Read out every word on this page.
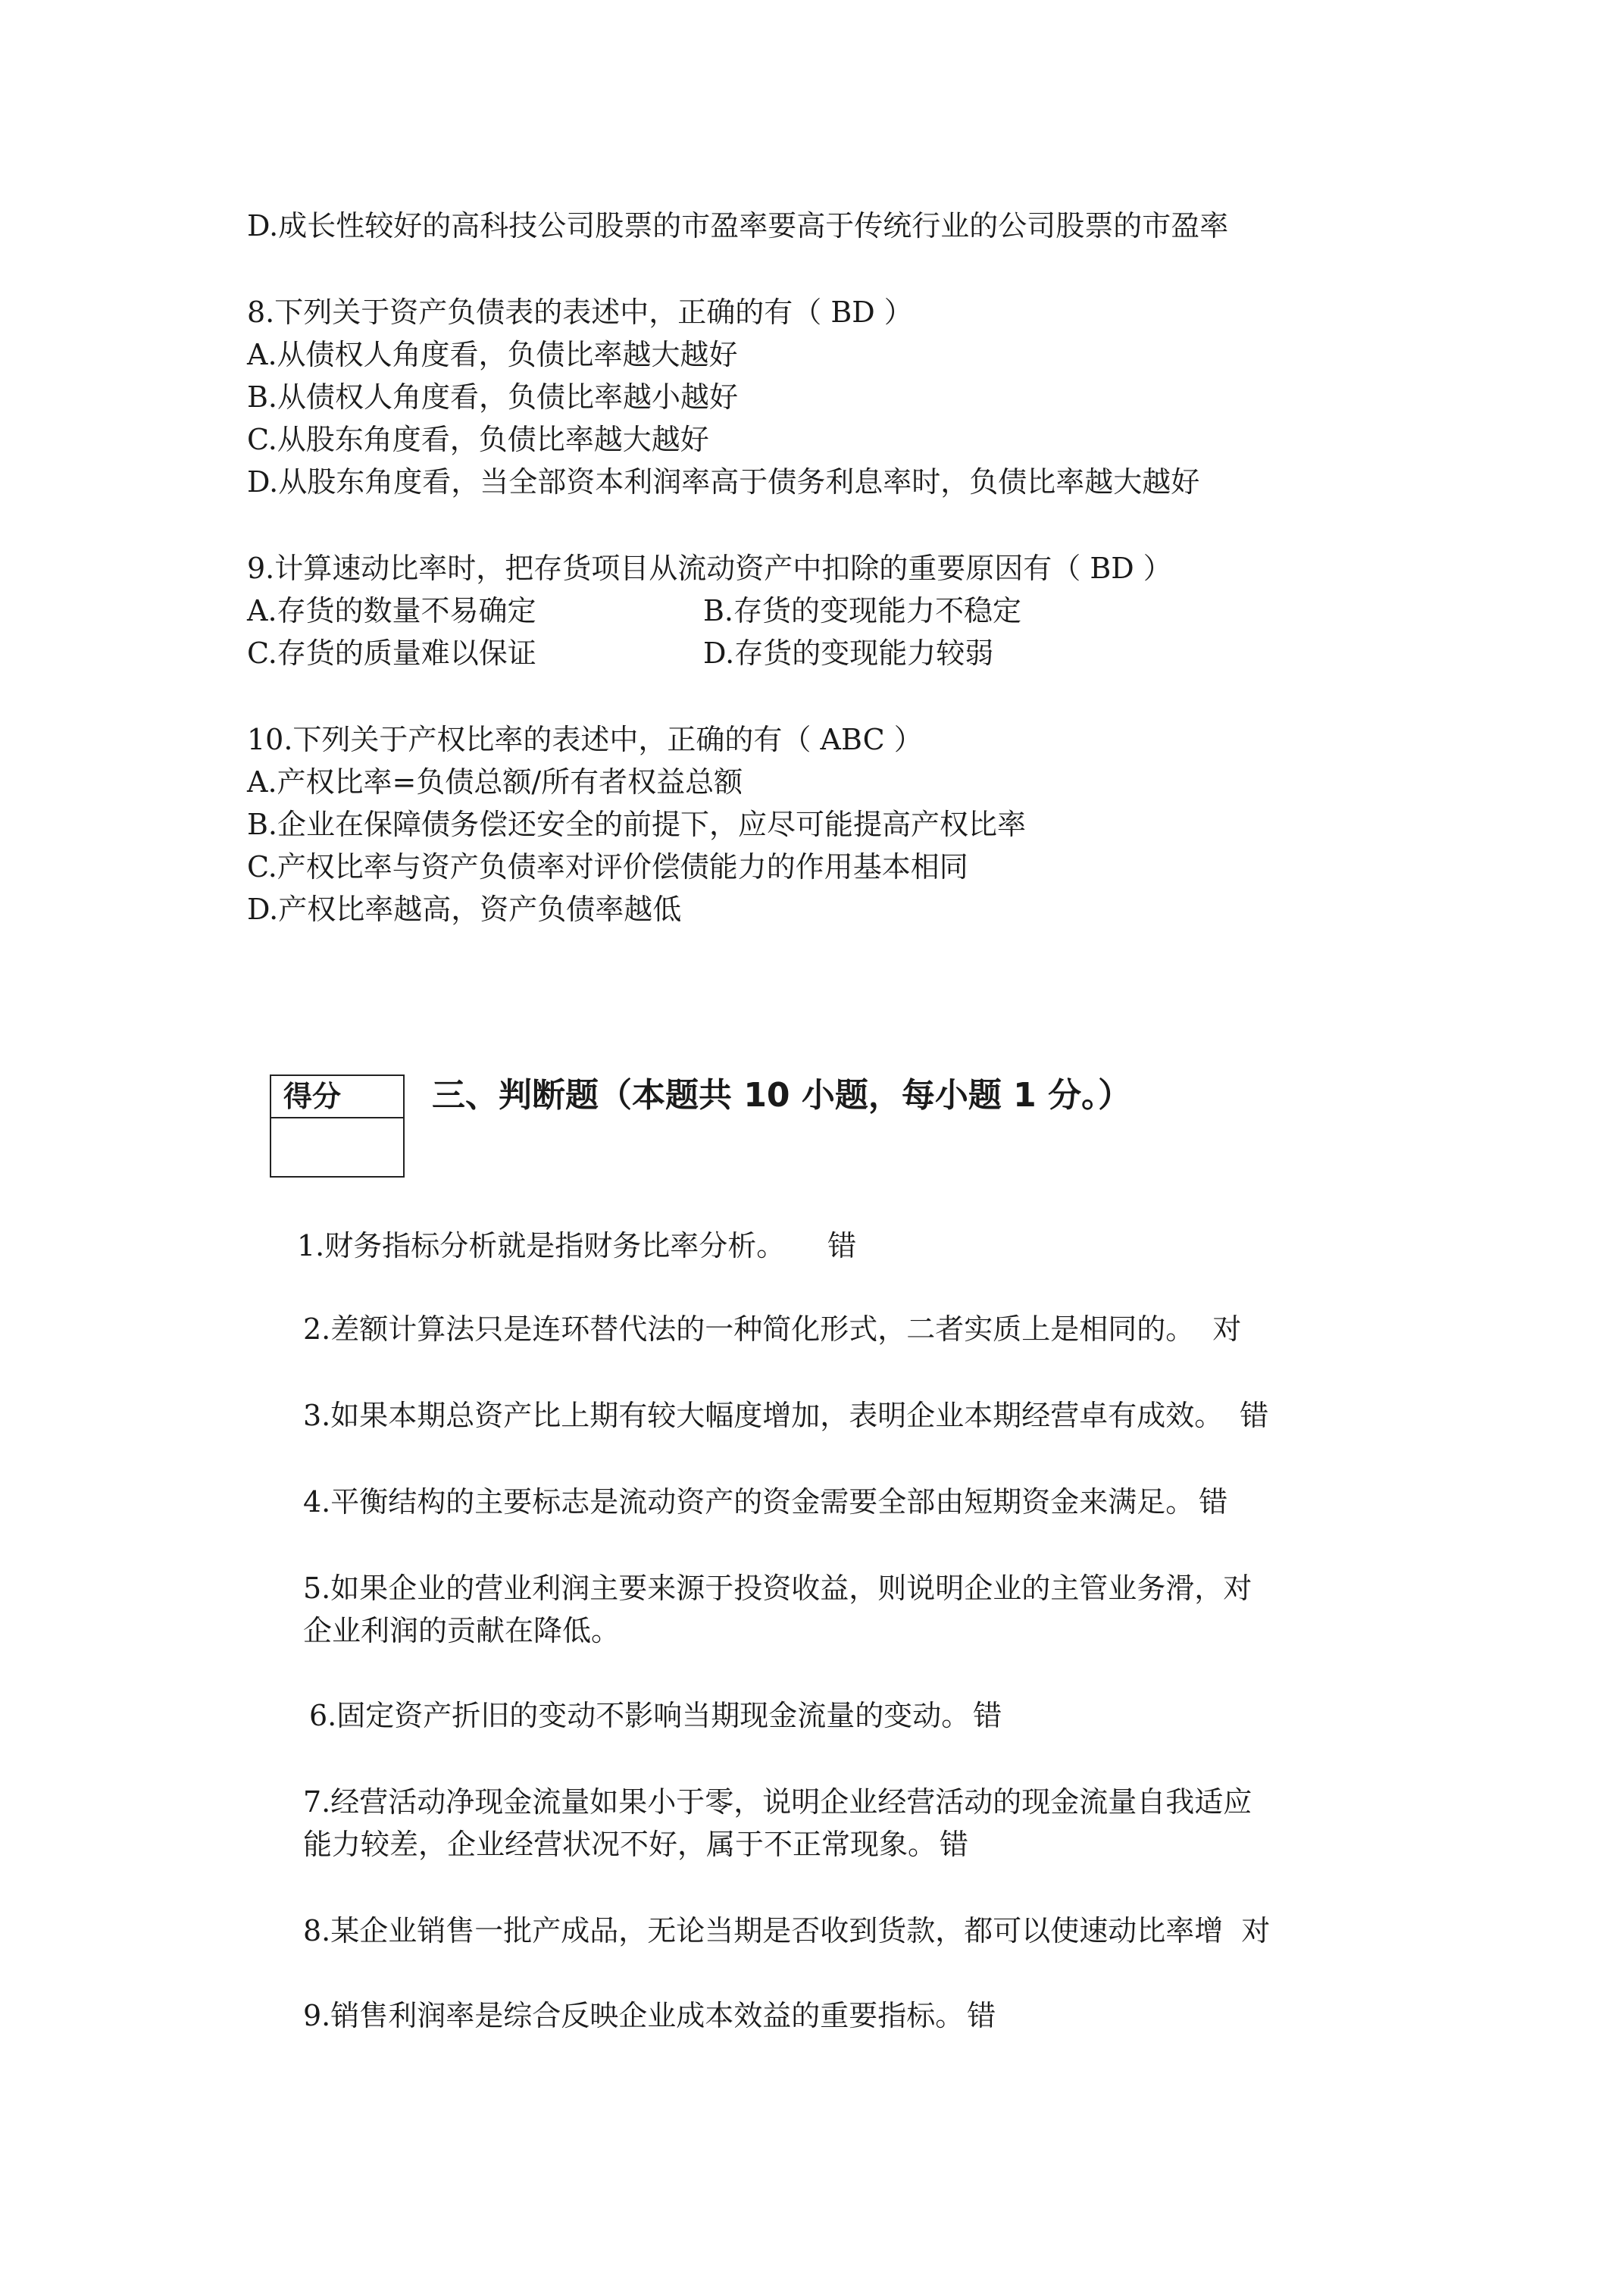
D.成长性较好的高科技公司股票的市盈率要高于传统行业的公司股票的市盈率
8.下列关于资产负债表的表述中，正确的有（ BD ）
A.从债权人角度看，负债比率越大越好
B.从债权人角度看，负债比率越小越好
C.从股东角度看，负债比率越大越好
D.从股东角度看，当全部资本利润率高于债务利息率时，负债比率越大越好
9.计算速动比率时，把存货项目从流动资产中扣除的重要原因有（ BD ）
A.存货的数量不易确定	B.存货的变现能力不稳定
C.存货的质量难以保证	D.存货的变现能力较弱
10.下列关于产权比率的表述中，正确的有（ ABC ）
A.产权比率=负债总额/所有者权益总额
B.企业在保障债务偿还安全的前提下，应尽可能提高产权比率
C.产权比率与资产负债率对评价偿债能力的作用基本相同
D.产权比率越高，资产负债率越低
得分	三、判断题（本题共 10 小题，每小题 1 分。）
1.财务指标分析就是指财务比率分析。 错
2.差额计算法只是连环替代法的一种简化形式，二者实质上是相同的。 对
3.如果本期总资产比上期有较大幅度增加，表明企业本期经营卓有成效。 错
4.平衡结构的主要标志是流动资产的资金需要全部由短期资金来满足。 错
5.如果企业的营业利润主要来源于投资收益，则说明企业的主管业务滑，对
企业利润的贡献在降低。
6.固定资产折旧的变动不影响当期现金流量的变动。 错
7.经营活动净现金流量如果小于零，说明企业经营活动的现金流量自我适应
能力较差，企业经营状况不好，属于不正常现象。 错
8.某企业销售一批产成品，无论当期是否收到货款，都可以使速动比率增 对
9.销售利润率是综合反映企业成本效益的重要指标。 错
